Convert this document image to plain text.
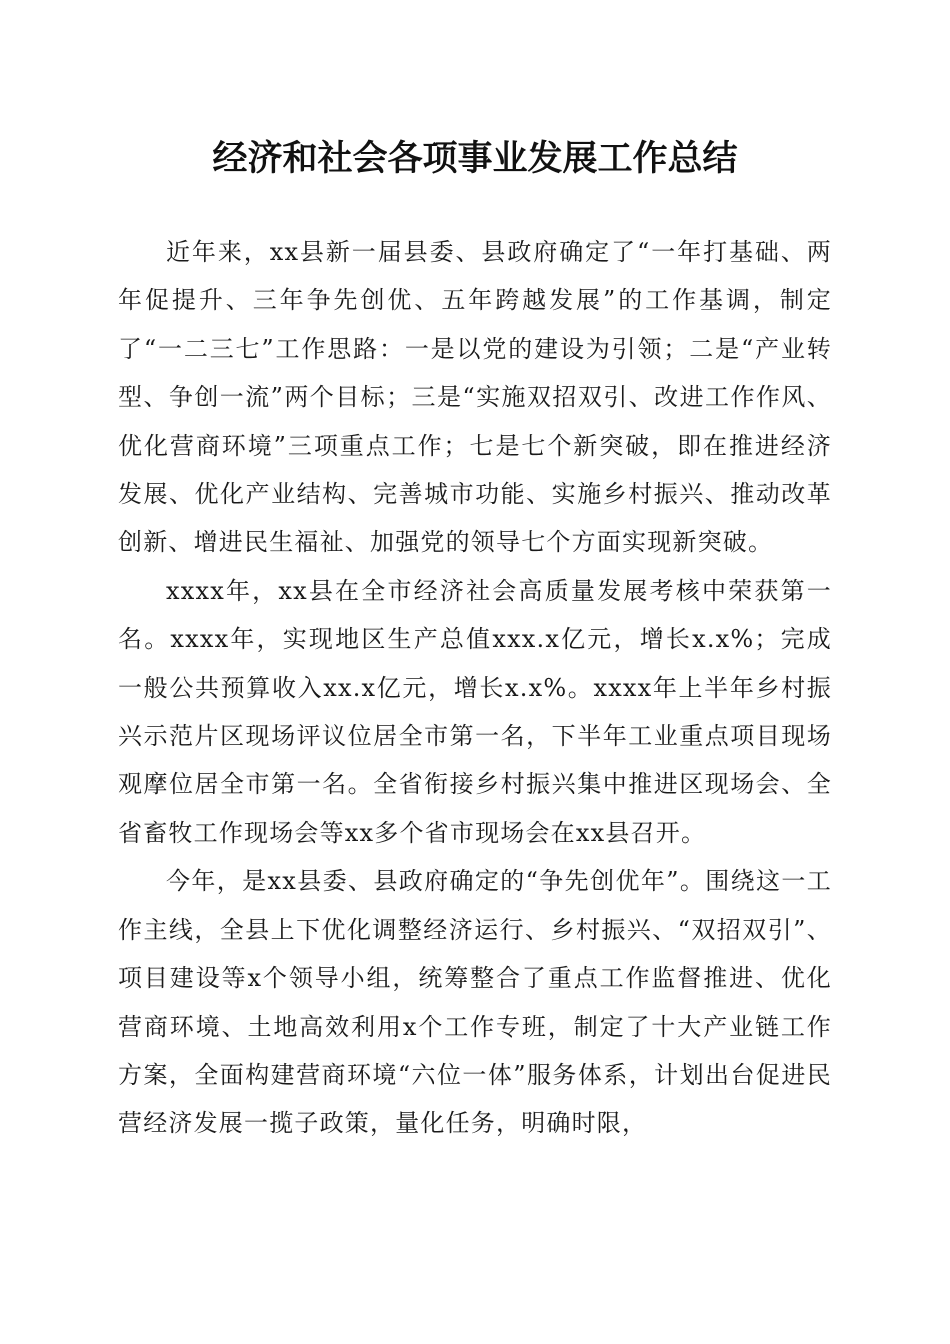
经济和社会各项事业发展工作总结

近年来，xx县新一届县委、县政府确定了“一年打基础、两年促提升、三年争先创优、五年跨越发展”的工作基调，制定了“一二三七”工作思路：一是以党的建设为引领；二是“产业转型、争创一流”两个目标；三是“实施双招双引、改进工作作风、优化营商环境”三项重点工作；七是七个新突破，即在推进经济发展、优化产业结构、完善城市功能、实施乡村振兴、推动改革创新、增进民生福祉、加强党的领导七个方面实现新突破。

xxxx年，xx县在全市经济社会高质量发展考核中荣获第一名。xxxx年，实现地区生产总值xxx.x亿元，增长x.x%；完成一般公共预算收入xx.x亿元，增长x.x%。xxxx年上半年乡村振兴示范片区现场评议位居全市第一名，下半年工业重点项目现场观摩位居全市第一名。全省衔接乡村振兴集中推进区现场会、全省畜牧工作现场会等xx多个省市现场会在xx县召开。

今年，是xx县委、县政府确定的“争先创优年”。围绕这一工作主线，全县上下优化调整经济运行、乡村振兴、“双招双引”、项目建设等x个领导小组，统筹整合了重点工作监督推进、优化营商环境、土地高效利用x个工作专班，制定了十大产业链工作方案，全面构建营商环境“六位一体”服务体系，计划出台促进民营经济发展一揽子政策，量化任务，明确时限，
